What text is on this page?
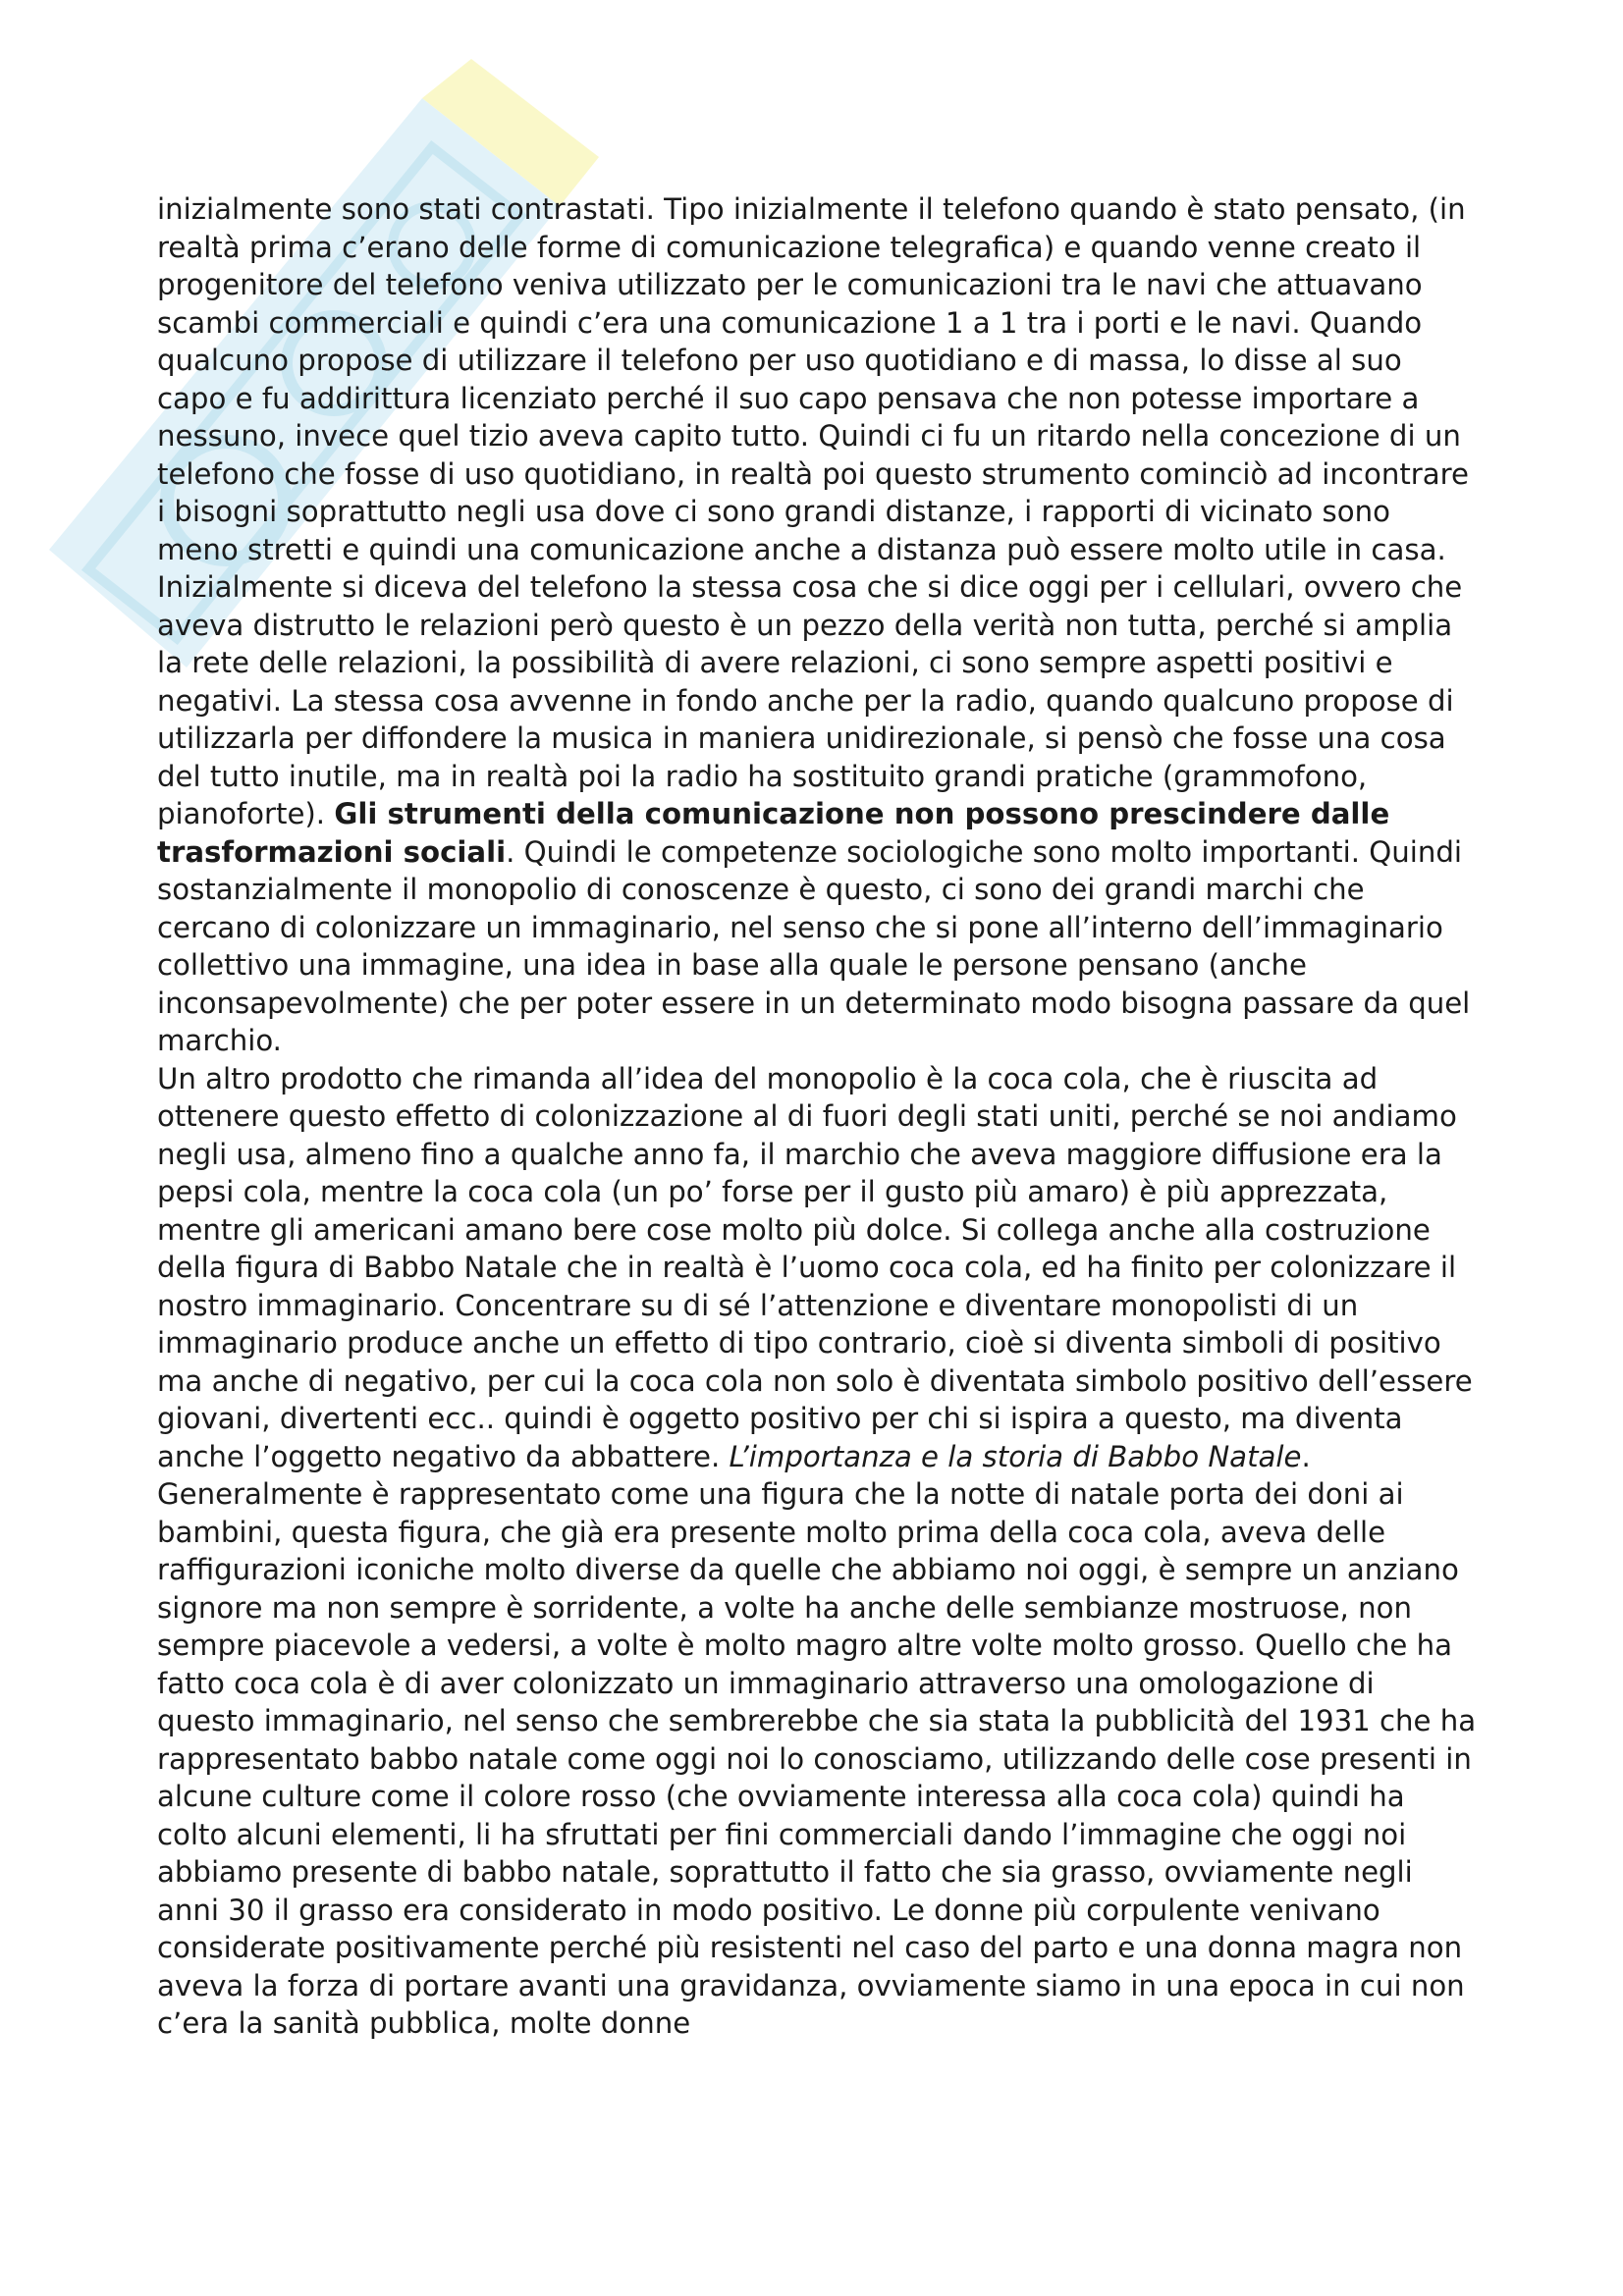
inizialmente sono stati contrastati. Tipo inizialmente il telefono quando è stato pensato, (in realtà prima c’erano delle forme di comunicazione telegrafica) e quando venne creato il progenitore del telefono veniva utilizzato per le comunicazioni tra le navi che attuavano scambi commerciali e quindi c’era una comunicazione 1 a 1 tra i porti e le navi. Quando qualcuno propose di utilizzare il telefono per uso quotidiano e di massa, lo disse al suo capo e fu addirittura licenziato perché il suo capo pensava che non potesse importare a nessuno, invece quel tizio aveva capito tutto. Quindi ci fu un ritardo nella concezione di un telefono che fosse di uso quotidiano, in realtà poi questo strumento cominciò ad incontrare i bisogni soprattutto negli usa dove ci sono grandi distanze, i rapporti di vicinato sono meno stretti e quindi una comunicazione anche a distanza può essere molto utile in casa. Inizialmente si diceva del telefono la stessa cosa che si dice oggi per i cellulari, ovvero che aveva distrutto le relazioni però questo è un pezzo della verità non tutta, perché si amplia la rete delle relazioni, la possibilità di avere relazioni, ci sono sempre aspetti positivi e negativi. La stessa cosa avvenne in fondo anche per la radio, quando qualcuno propose di utilizzarla per diffondere la musica in maniera unidirezionale, si pensò che fosse una cosa del tutto inutile, ma in realtà poi la radio ha sostituito grandi pratiche (grammofono, pianoforte). Gli strumenti della comunicazione non possono prescindere dalle trasformazioni sociali. Quindi le competenze sociologiche sono molto importanti. Quindi sostanzialmente il monopolio di conoscenze è questo, ci sono dei grandi marchi che cercano di colonizzare un immaginario, nel senso che si pone all’interno dell’immaginario collettivo una immagine, una idea in base alla quale le persone pensano (anche inconsapevolmente) che per poter essere in un determinato modo bisogna passare da quel marchio.

Un altro prodotto che rimanda all’idea del monopolio è la coca cola, che è riuscita ad ottenere questo effetto di colonizzazione al di fuori degli stati uniti, perché se noi andiamo negli usa, almeno fino a qualche anno fa, il marchio che aveva maggiore diffusione era la pepsi cola, mentre la coca cola (un po’ forse per il gusto più amaro) è più apprezzata, mentre gli americani amano bere cose molto più dolce. Si collega anche alla costruzione della figura di Babbo Natale che in realtà è l’uomo coca cola, ed ha finito per colonizzare il nostro immaginario. Concentrare su di sé l’attenzione e diventare monopolisti di un immaginario produce anche un effetto di tipo contrario, cioè si diventa simboli di positivo ma anche di negativo, per cui la coca cola non solo è diventata simbolo positivo dell’essere giovani, divertenti ecc.. quindi è oggetto positivo per chi si ispira a questo, ma diventa anche l’oggetto negativo da abbattere. L’importanza e la storia di Babbo Natale. Generalmente è rappresentato come una figura che la notte di natale porta dei doni ai bambini, questa figura, che già era presente molto prima della coca cola, aveva delle raffigurazioni iconiche molto diverse da quelle che abbiamo noi oggi, è sempre un anziano signore ma non sempre è sorridente, a volte ha anche delle sembianze mostruose, non sempre piacevole a vedersi, a volte è molto magro altre volte molto grosso. Quello che ha fatto coca cola è di aver colonizzato un immaginario attraverso una omologazione di questo immaginario, nel senso che sembrerebbe che sia stata la pubblicità del 1931 che ha rappresentato babbo natale come oggi noi lo conosciamo, utilizzando delle cose presenti in alcune culture come il colore rosso (che ovviamente interessa alla coca cola) quindi ha colto alcuni elementi, li ha sfruttati per fini commerciali dando l’immagine che oggi noi abbiamo presente di babbo natale, soprattutto il fatto che sia grasso, ovviamente negli anni 30 il grasso era considerato in modo positivo. Le donne più corpulente venivano considerate positivamente perché più resistenti nel caso del parto e una donna magra non aveva la forza di portare avanti una gravidanza, ovviamente siamo in una epoca in cui non c’era la sanità pubblica, molte donne
